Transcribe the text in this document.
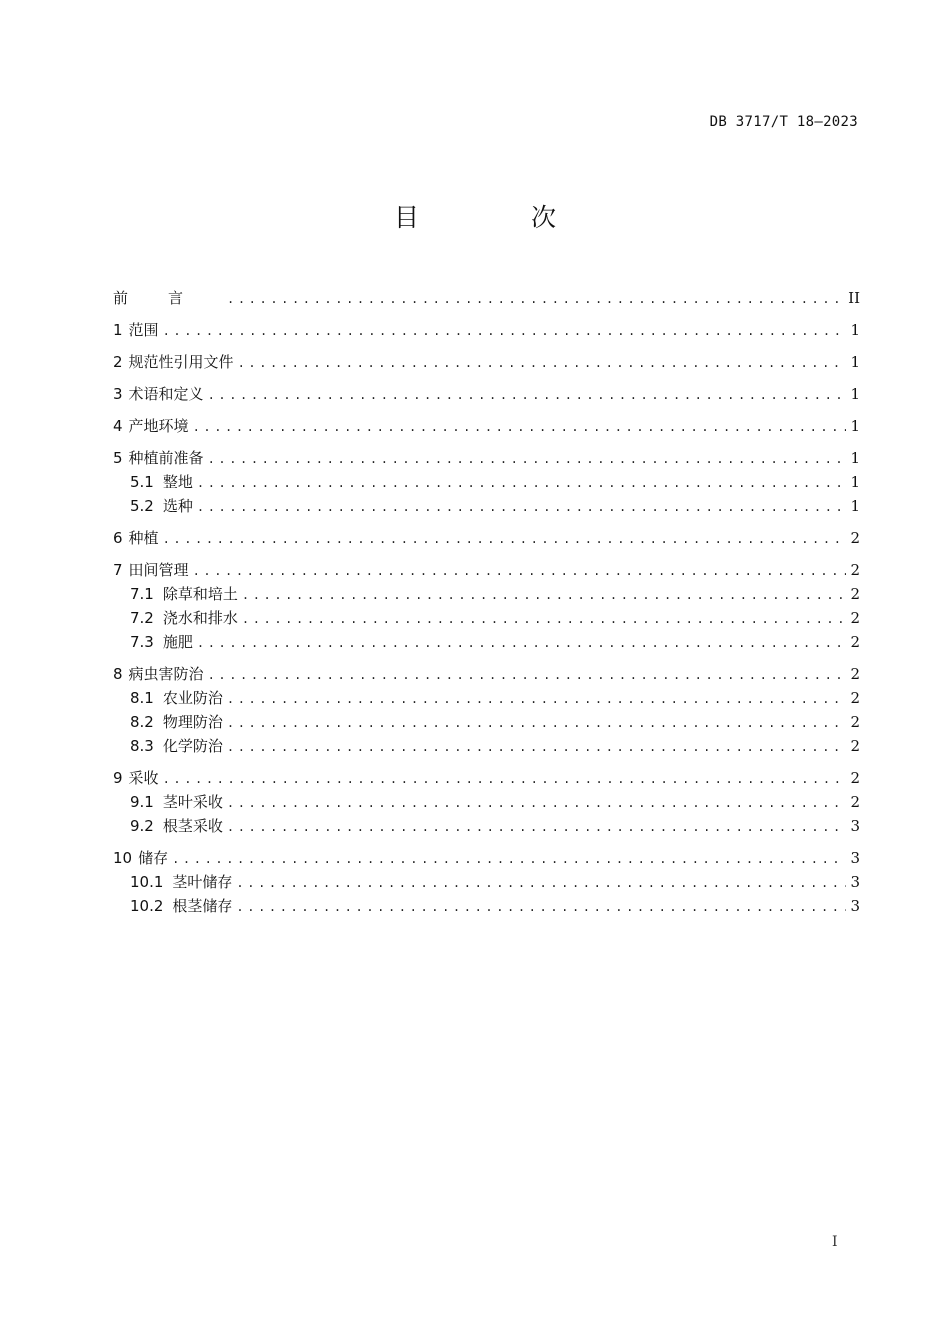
DB 3717/T 18—2023
目 次
前言 .....	II
1 范围 .....	1
2 规范性引用文件 .....	1
3 术语和定义 .....	1
4 产地环境 .....	1
5 种植前准备 .....	1
5.1 整地 .....	1
5.2 选种 .....	1
6 种植 .....	2
7 田间管理 .....	2
7.1 除草和培土 .....	2
7.2 浇水和排水 .....	2
7.3 施肥 .....	2
8 病虫害防治 .....	2
8.1 农业防治 .....	2
8.2 物理防治 .....	2
8.3 化学防治 .....	2
9 采收 .....	2
9.1 茎叶采收 .....	2
9.2 根茎采收 .....	3
10 储存 .....	3
10.1 茎叶储存 .....	3
10.2 根茎储存 .....	3
I
